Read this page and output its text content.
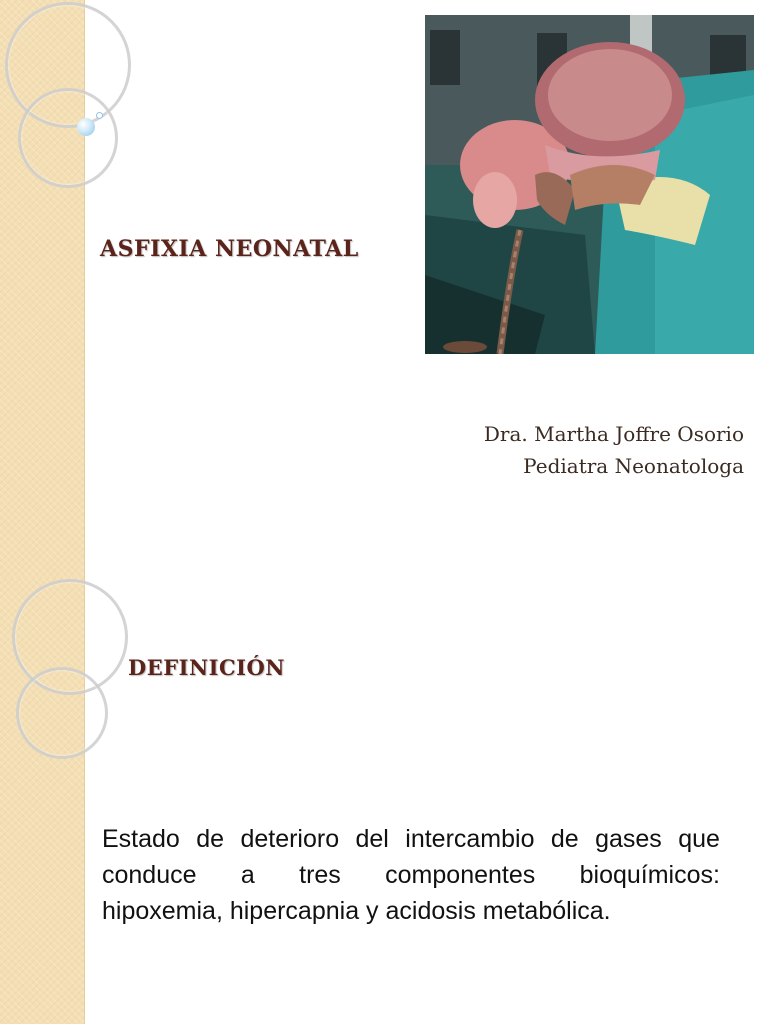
ASFIXIA NEONATAL
Dra. Martha Joffre Osorio
Pediatra Neonatologa
DEFINICIÓN
Estado de deterioro del intercambio de gases que
conduce a tres componentes bioquímicos:
hipoxemia, hipercapnia y acidosis metabólica.
